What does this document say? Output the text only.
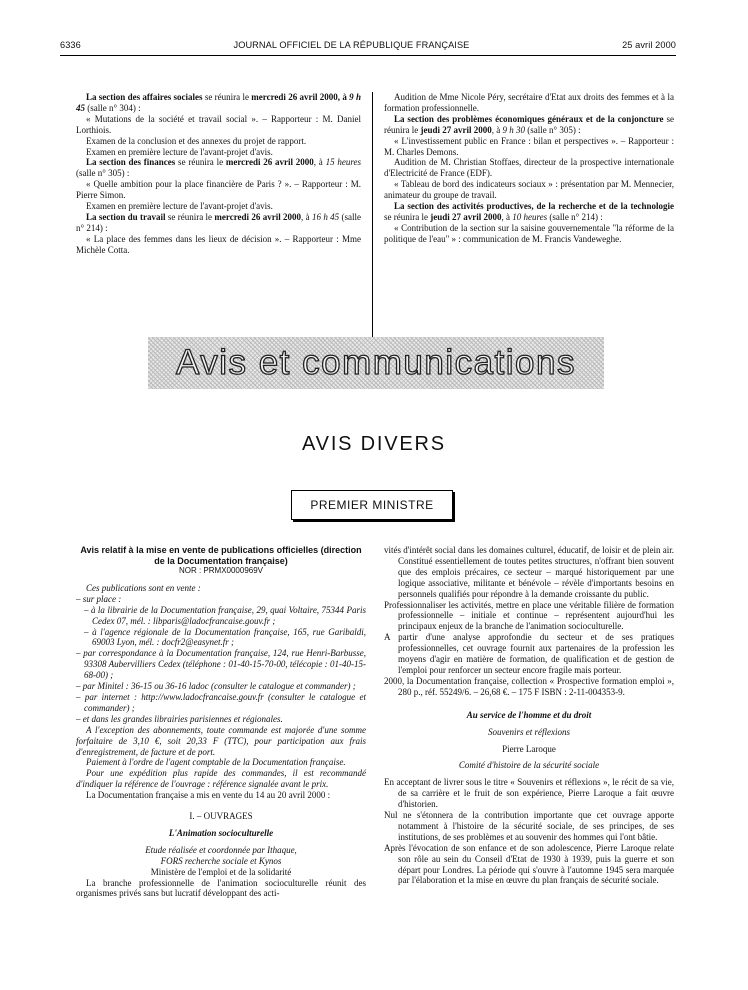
6336	JOURNAL OFFICIEL DE LA RÉPUBLIQUE FRANÇAISE	25 avril 2000

La section des affaires sociales se réunira le mercredi 26 avril 2000, à 9 h 45 (salle n° 304) :

« Mutations de la société et travail social ». – Rapporteur : M. Daniel Lorthiois.

Examen de la conclusion et des annexes du projet de rapport.

Examen en première lecture de l'avant-projet d'avis.

La section des finances se réunira le mercredi 26 avril 2000, à 15 heures (salle n° 305) :

« Quelle ambition pour la place financière de Paris ? ». – Rapporteur : M. Pierre Simon.

Examen en première lecture de l'avant-projet d'avis.

La section du travail se réunira le mercredi 26 avril 2000, à 16 h 45 (salle n° 214) :

« La place des femmes dans les lieux de décision ». – Rapporteur : Mme Michèle Cotta.

Audition de Mme Nicole Péry, secrétaire d'Etat aux droits des femmes et à la formation professionnelle.

La section des problèmes économiques généraux et de la conjoncture se réunira le jeudi 27 avril 2000, à 9 h 30 (salle n° 305) :

« L'investissement public en France : bilan et perspectives ». – Rapporteur : M. Charles Demons.

Audition de M. Christian Stoffaes, directeur de la prospective internationale d'Electricité de France (EDF).

« Tableau de bord des indicateurs sociaux » : présentation par M. Mennecier, animateur du groupe de travail.

La section des activités productives, de la recherche et de la technologie se réunira le jeudi 27 avril 2000, à 10 heures (salle n° 214) :

« Contribution de la section sur la saisine gouvernementale "la réforme de la politique de l'eau" » : communication de M. Francis Vandeweghe.

Avis et communications
AVIS DIVERS
PREMIER MINISTRE
Avis relatif à la mise en vente de publications officielles (direction de la Documentation française)
NOR : PRMX0000969V

Ces publications sont en vente :

– sur place :

– à la librairie de la Documentation française, 29, quai Voltaire, 75344 Paris Cedex 07, mél. : libparis@ladocfrancaise.gouv.fr ;

– à l'agence régionale de la Documentation française, 165, rue Garibaldi, 69003 Lyon, mél. : docfr2@easynet.fr ;

– par correspondance à la Documentation française, 124, rue Henri-Barbusse, 93308 Aubervilliers Cedex (téléphone : 01-40-15-70-00, télécopie : 01-40-15-68-00) ;

– par Minitel : 36-15 ou 36-16 ladoc (consulter le catalogue et commander) ;

– par internet : http://www.ladocfrancaise.gouv.fr (consulter le catalogue et commander) ;

– et dans les grandes librairies parisiennes et régionales.

A l'exception des abonnements, toute commande est majorée d'une somme forfaitaire de 3,10 €, soit 20,33 F (TTC), pour participation aux frais d'enregistrement, de facture et de port.

Paiement à l'ordre de l'agent comptable de la Documentation française.

Pour une expédition plus rapide des commandes, il est recommandé d'indiquer la référence de l'ouvrage : référence signalée avant le prix.

La Documentation française a mis en vente du 14 au 20 avril 2000 :

I. – OUVRAGES

L'Animation socioculturelle

Etude réalisée et coordonnée par Ithaque,

FORS recherche sociale et Kynos

Ministère de l'emploi et de la solidarité

La branche professionnelle de l'animation socioculturelle réunit des organismes privés sans but lucratif développant des acti-

vités d'intérêt social dans les domaines culturel, éducatif, de loisir et de plein air. Constitué essentiellement de toutes petites structures, n'offrant bien souvent que des emplois précaires, ce secteur – marqué historiquement par une logique associative, militante et bénévole – révèle d'importants besoins en personnels qualifiés pour répondre à la demande croissante du public.

Professionnaliser les activités, mettre en place une véritable filière de formation professionnelle – initiale et continue – représentent aujourd'hui les principaux enjeux de la branche de l'animation socioculturelle.

A partir d'une analyse approfondie du secteur et de ses pratiques professionnelles, cet ouvrage fournit aux partenaires de la profession les moyens d'agir en matière de formation, de qualification et de gestion de l'emploi pour renforcer un secteur encore fragile mais porteur.

2000, la Documentation française, collection « Prospective formation emploi », 280 p., réf. 55249/6. – 26,68 €. – 175 F ISBN : 2-11-004353-9.

Au service de l'homme et du droit

Souvenirs et réflexions

Pierre Laroque

Comité d'histoire de la sécurité sociale

En acceptant de livrer sous le titre « Souvenirs et réflexions », le récit de sa vie, de sa carrière et le fruit de son expérience, Pierre Laroque a fait œuvre d'historien.

Nul ne s'étonnera de la contribution importante que cet ouvrage apporte notamment à l'histoire de la sécurité sociale, de ses principes, de ses institutions, de ses problèmes et au souvenir des hommes qui l'ont bâtie.

Après l'évocation de son enfance et de son adolescence, Pierre Laroque relate son rôle au sein du Conseil d'Etat de 1930 à 1939, puis la guerre et son départ pour Londres. La période qui s'ouvre à l'automne 1945 sera marquée par l'élaboration et la mise en œuvre du plan français de sécurité sociale.
